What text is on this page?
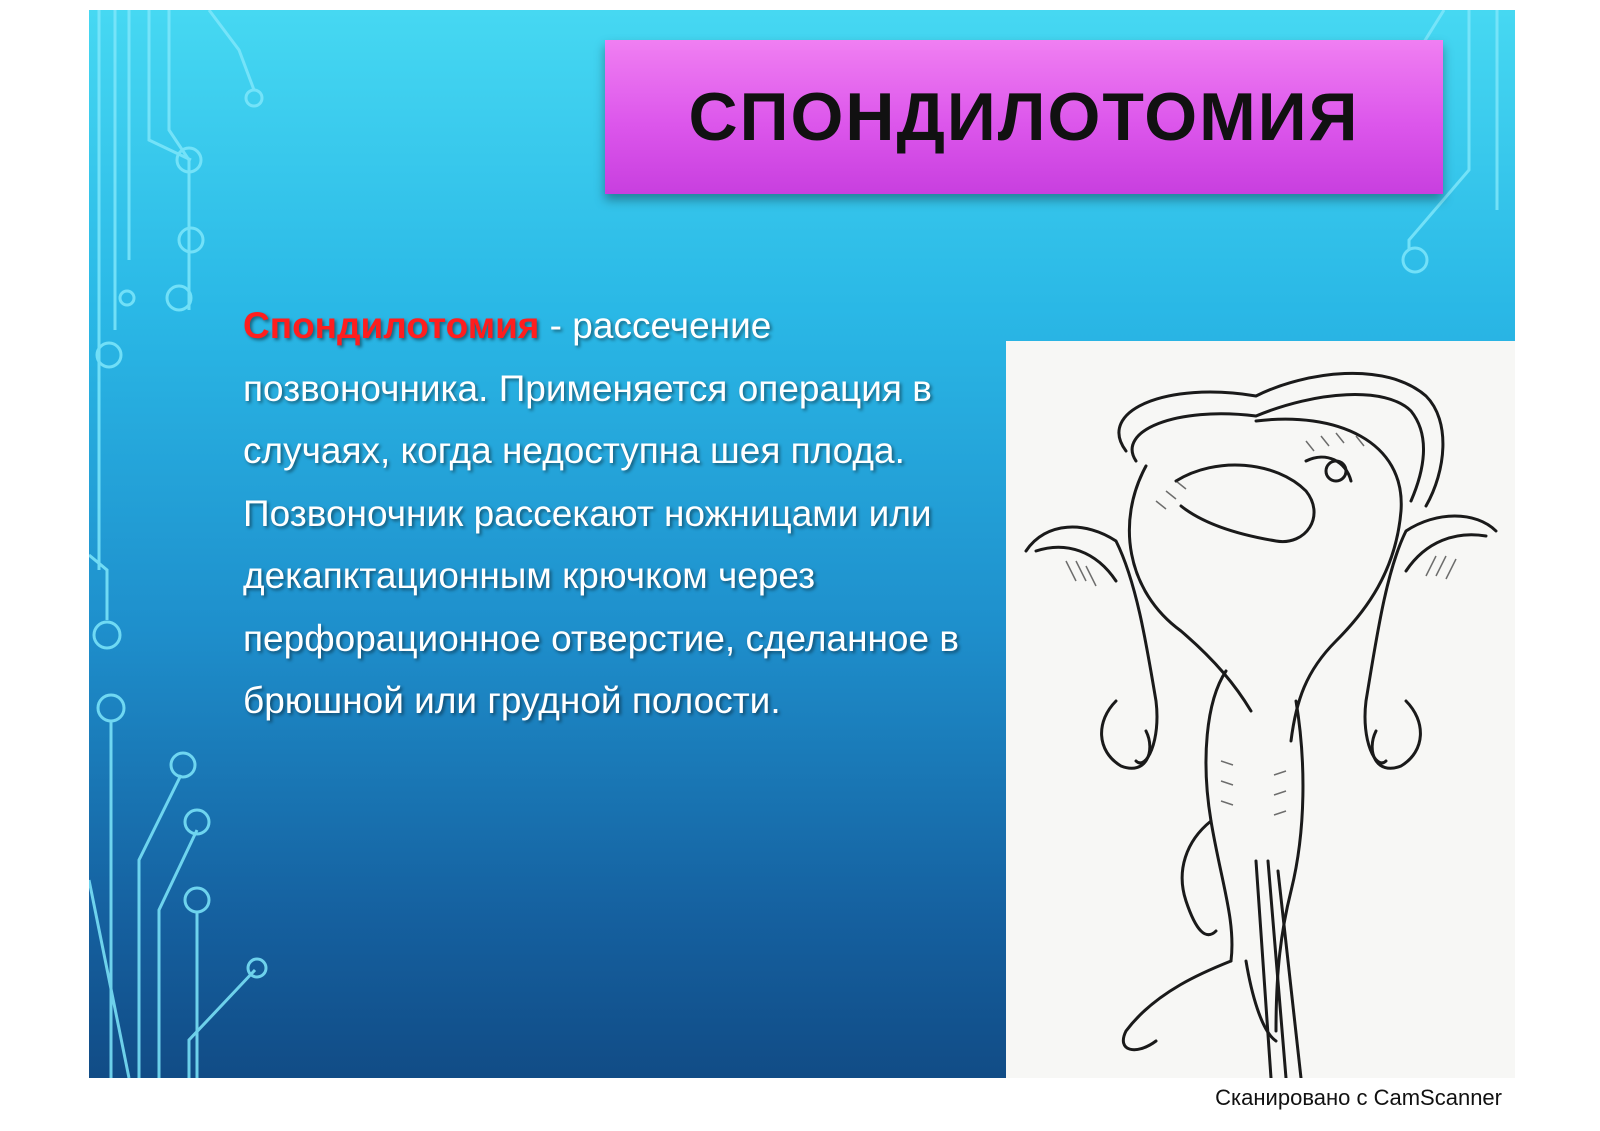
СПОНДИЛОТОМИЯ
Спондилотомия - рассечение позвоночника. Применяется операция в случаях, когда недоступна шея плода. Позвоночник рассекают ножницами или декапктационным крючком через перфорационное отверстие, сделанное в брюшной или грудной полости.
Сканировано с CamScanner
